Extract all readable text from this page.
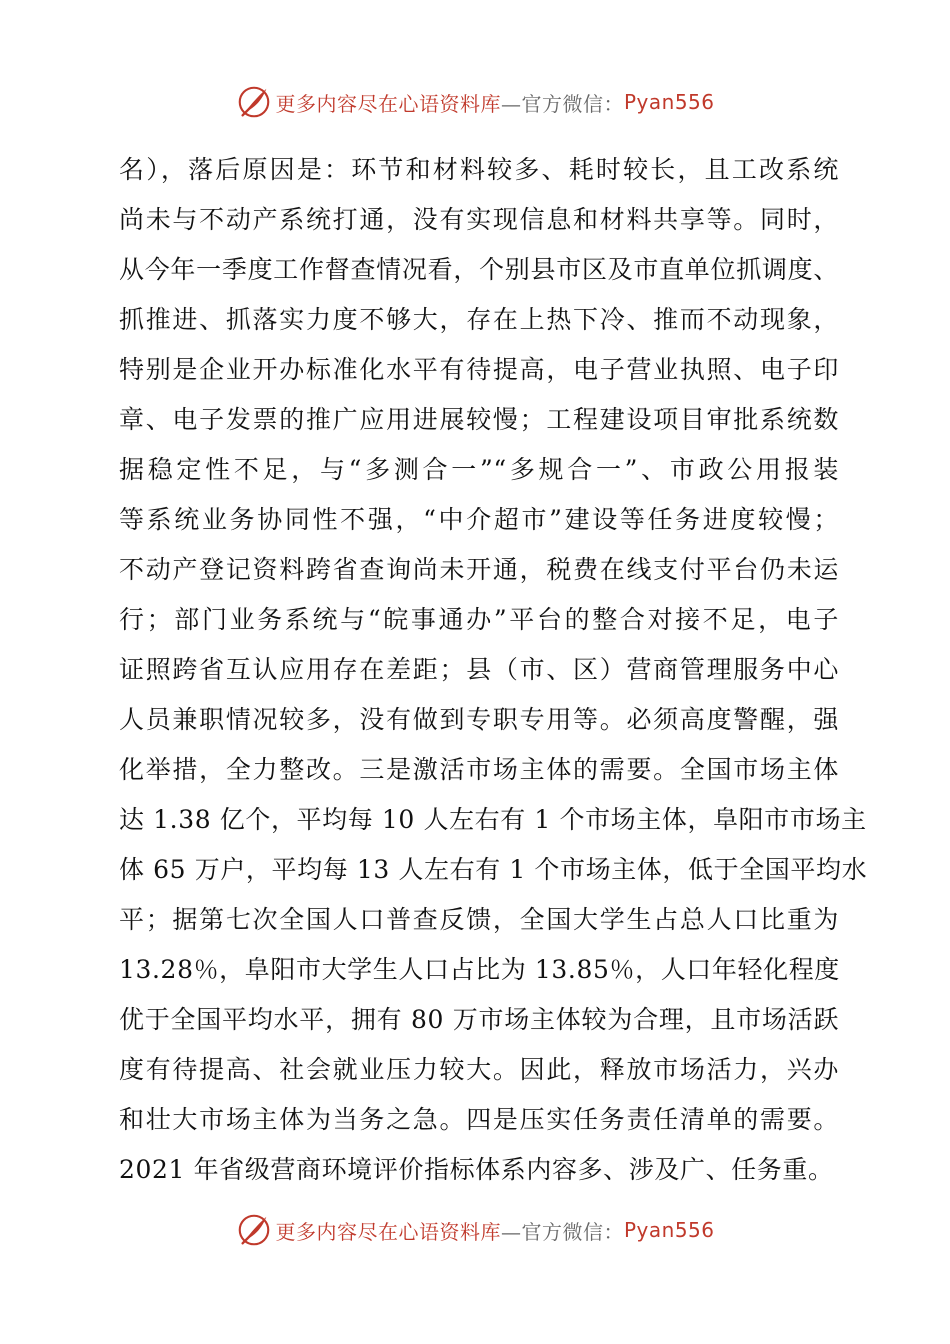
更多内容尽在心语资料库 —官方微信： Pyan556
名），落后原因是：环节和材料较多、耗时较长，且工改系统
尚未与不动产系统打通，没有实现信息和材料共享等。同时，
从今年一季度工作督查情况看，个别县市区及市直单位抓调度、
抓推进、抓落实力度不够大，存在上热下冷、推而不动现象，
特别是企业开办标准化水平有待提高，电子营业执照、电子印
章、电子发票的推广应用进展较慢；工程建设项目审批系统数
据稳定性不足，与“多测合一”“多规合一”、市政公用报装
等系统业务协同性不强，“中介超市”建设等任务进度较慢；
不动产登记资料跨省查询尚未开通，税费在线支付平台仍未运
行；部门业务系统与“皖事通办”平台的整合对接不足，电子
证照跨省互认应用存在差距；县（市、区）营商管理服务中心
人员兼职情况较多，没有做到专职专用等。必须高度警醒，强
化举措，全力整改。三是激活市场主体的需要。全国市场主体
达 1.38 亿个，平均每 10 人左右有 1 个市场主体，阜阳市市场主
体 65 万户，平均每 13 人左右有 1 个市场主体，低于全国平均水
平；据第七次全国人口普查反馈，全国大学生占总人口比重为
13.28％，阜阳市大学生人口占比为 13.85％，人口年轻化程度
优于全国平均水平，拥有 80 万市场主体较为合理，且市场活跃
度有待提高、社会就业压力较大。因此，释放市场活力，兴办
和壮大市场主体为当务之急。四是压实任务责任清单的需要。
2021 年省级营商环境评价指标体系内容多、涉及广、任务重。
更多内容尽在心语资料库 —官方微信： Pyan556
